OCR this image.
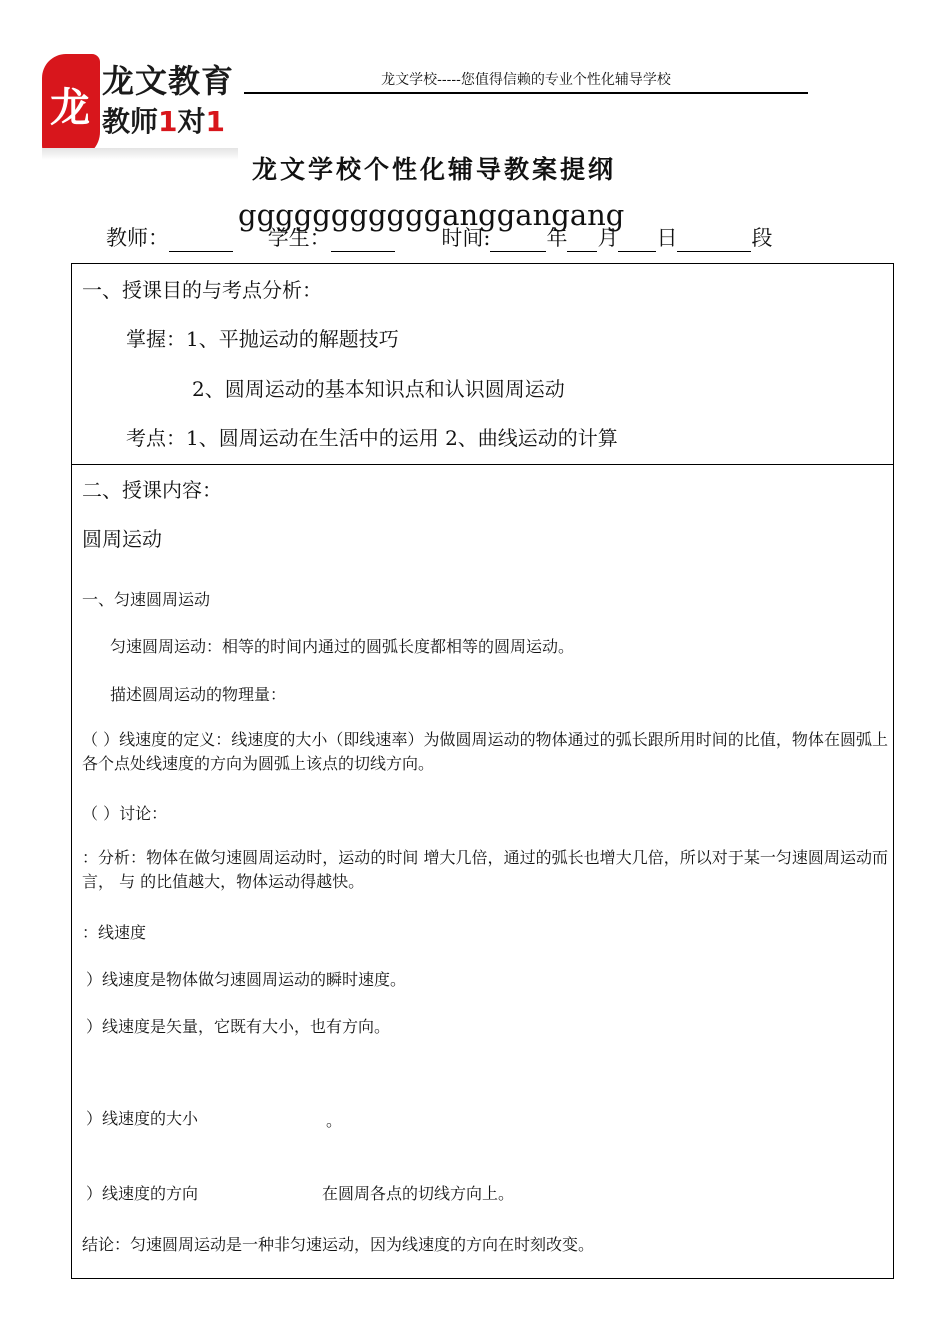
龙
龙文教育
教师1对1
龙文学校-----您值得信赖的专业个性化辅导学校
龙文学校个性化辅导教案提纲
教师：	学生：	时间:	年 月 日	段
ggggggggggganggangang
一、授课目的与考点分析：
掌握：1、平抛运动的解题技巧
2、圆周运动的基本知识点和认识圆周运动
考点：1、圆周运动在生活中的运用 2、曲线运动的计算
二、授课内容：
圆周运动
一、匀速圆周运动
匀速圆周运动：相等的时间内通过的圆弧长度都相等的圆周运动。
描述圆周运动的物理量：
（ ）线速度的定义：线速度的大小（即线速率）为做圆周运动的物体通过的弧长跟所用时间的比值，物体在圆弧上各个点处线速度的方向为圆弧上该点的切线方向。
（ ）讨论：
：分析：物体在做匀速圆周运动时，运动的时间 增大几倍，通过的弧长也增大几倍，所以对于某一匀速圆周运动而言， 与 的比值越大，物体运动得越快。
：线速度
）线速度是物体做匀速圆周运动的瞬时速度。
）线速度是矢量，它既有大小，也有方向。
）线速度的大小	。
）线速度的方向	在圆周各点的切线方向上。
结论：匀速圆周运动是一种非匀速运动，因为线速度的方向在时刻改变。
